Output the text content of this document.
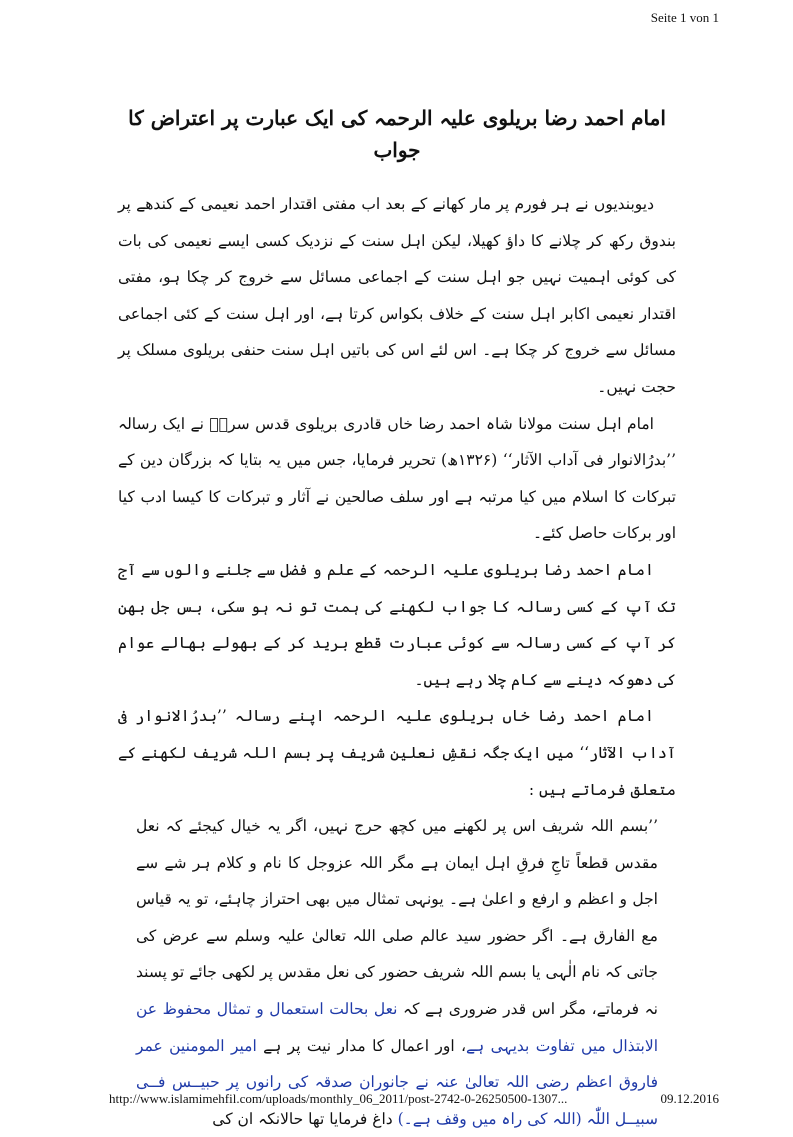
Seite 1 von 1
امام احمد رضا بریلوی علیہ الرحمہ کی ایک عبارت پر اعتراض کا جواب

دیوبندیوں نے ہر فورم پر مار کھانے کے بعد اب مفتی اقتدار احمد نعیمی کے کندھے پر بندوق رکھ کر چلانے کا داؤ کھیلا، لیکن اہل سنت کے نزدیک کسی ایسے نعیمی کی بات کی کوئی اہمیت نہیں جو اہل سنت کے اجماعی مسائل سے خروج کر چکا ہو، مفتی اقتدار نعیمی اکابر اہل سنت کے خلاف بکواس کرتا ہے، اور اہل سنت کے کئی اجماعی مسائل سے خروج کر چکا ہے۔ اس لئے اس کی باتیں اہل سنت حنفی بریلوی مسلک پر حجت نہیں۔

امام اہل سنت مولانا شاہ احمد رضا خاں قادری بریلوی قدس سرہٗ نے ایک رسالہ ’’بدرُالانوار فی آداب الآثار‘‘ (۱۳۲۶ھ) تحریر فرمایا، جس میں یہ بتایا کہ بزرگان دین کے تبرکات کا اسلام میں کیا مرتبہ ہے اور سلف صالحین نے آثار و تبرکات کا کیسا ادب کیا اور برکات حاصل کئے۔

امام احمد رضا بریلوی علیہ الرحمہ کے علم و فضل سے جلنے والوں سے آج تک آپ کے کسی رسالہ کا جواب لکھنے کی ہمت تو نہ ہو سکی، بس جل بھن کر آپ کے کسی رسالہ سے کوئی عبارت قطع برید کر کے بھولے بھالے عوام کی دھوکہ دینے سے کام چلا رہے ہیں۔

امام احمد رضا خاں بریلوی علیہ الرحمہ اپنے رسالہ ’’بدرُالانوار فی آداب الآثار‘‘ میں ایک جگہ نقشِ نعلین شریف پر بسم اللہ شریف لکھنے کے متعلق فرماتے ہیں :

’’بسم اللہ شریف اس پر لکھنے میں کچھ حرج نہیں، اگر یہ خیال کیجئے کہ نعل مقدس قطعاً تاجِ فرقِ اہل ایمان ہے مگر اللہ عزوجل کا نام و کلام ہر شے سے اجل و اعظم و ارفع و اعلیٰ ہے۔ یونہی تمثال میں بھی احتراز چاہئے، تو یہ قیاس مع الفارق ہے۔ اگر حضور سید عالم صلی اللہ تعالیٰ علیہ وسلم سے عرض کی جاتی کہ نام الٰہی یا بسم اللہ شریف حضور کی نعل مقدس پر لکھی جائے تو پسند نہ فرماتے، مگر اس قدر ضروری ہے کہ نعل بحالت استعمال و تمثال محفوظ عن الابتذال میں تفاوت بدیہی ہے، اور اعمال کا مدار نیت پر ہے امیر المومنین عمر فاروق اعظم رضی اللہ تعالیٰ عنہ نے جانوران صدقہ کی رانوں پر حبیــس فــی سبیــل اللّٰہ (اللہ کی راہ میں وقف ہے۔) داغ فرمایا تھا حالانکہ ان کی

http://www.islamimehfil.com/uploads/monthly_06_2011/post-2742-0-26250500-1307...	09.12.2016
